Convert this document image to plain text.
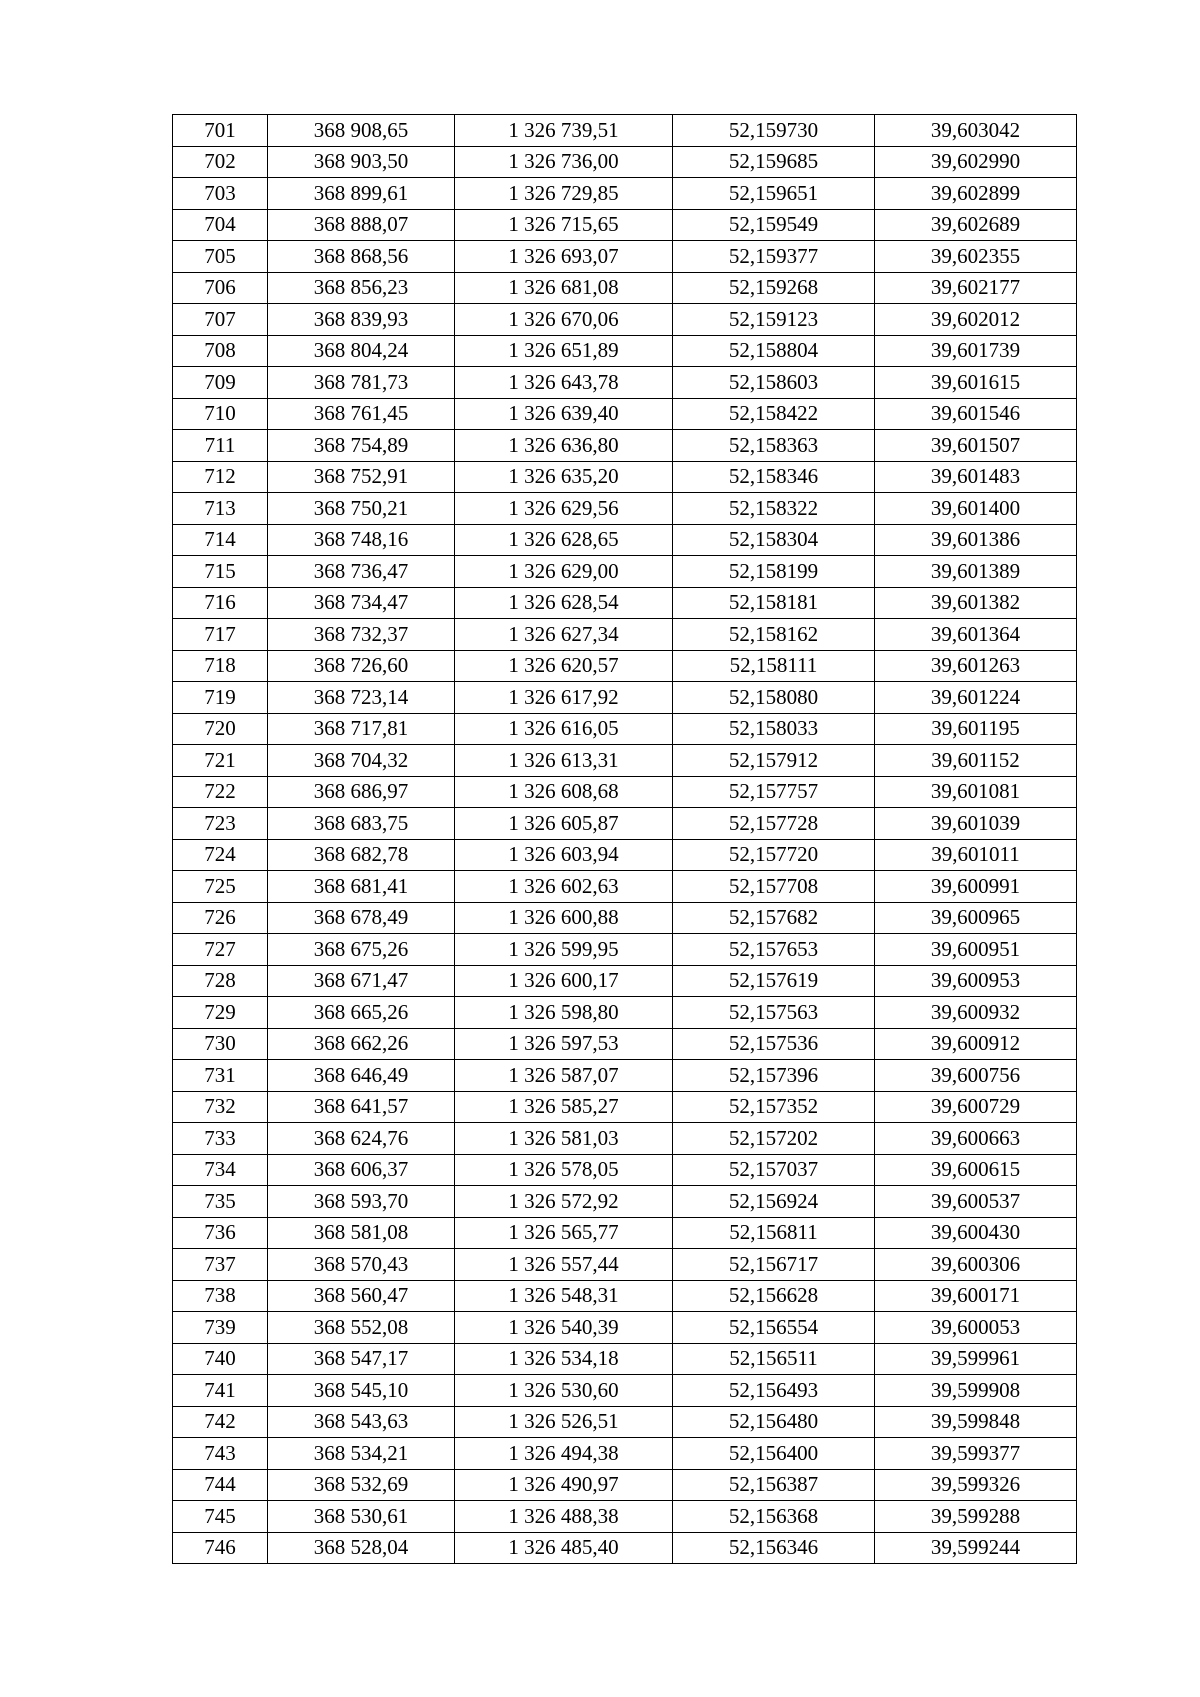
701	368 908,65	1 326 739,51	52,159730	39,603042
702	368 903,50	1 326 736,00	52,159685	39,602990
703	368 899,61	1 326 729,85	52,159651	39,602899
704	368 888,07	1 326 715,65	52,159549	39,602689
705	368 868,56	1 326 693,07	52,159377	39,602355
706	368 856,23	1 326 681,08	52,159268	39,602177
707	368 839,93	1 326 670,06	52,159123	39,602012
708	368 804,24	1 326 651,89	52,158804	39,601739
709	368 781,73	1 326 643,78	52,158603	39,601615
710	368 761,45	1 326 639,40	52,158422	39,601546
711	368 754,89	1 326 636,80	52,158363	39,601507
712	368 752,91	1 326 635,20	52,158346	39,601483
713	368 750,21	1 326 629,56	52,158322	39,601400
714	368 748,16	1 326 628,65	52,158304	39,601386
715	368 736,47	1 326 629,00	52,158199	39,601389
716	368 734,47	1 326 628,54	52,158181	39,601382
717	368 732,37	1 326 627,34	52,158162	39,601364
718	368 726,60	1 326 620,57	52,158111	39,601263
719	368 723,14	1 326 617,92	52,158080	39,601224
720	368 717,81	1 326 616,05	52,158033	39,601195
721	368 704,32	1 326 613,31	52,157912	39,601152
722	368 686,97	1 326 608,68	52,157757	39,601081
723	368 683,75	1 326 605,87	52,157728	39,601039
724	368 682,78	1 326 603,94	52,157720	39,601011
725	368 681,41	1 326 602,63	52,157708	39,600991
726	368 678,49	1 326 600,88	52,157682	39,600965
727	368 675,26	1 326 599,95	52,157653	39,600951
728	368 671,47	1 326 600,17	52,157619	39,600953
729	368 665,26	1 326 598,80	52,157563	39,600932
730	368 662,26	1 326 597,53	52,157536	39,600912
731	368 646,49	1 326 587,07	52,157396	39,600756
732	368 641,57	1 326 585,27	52,157352	39,600729
733	368 624,76	1 326 581,03	52,157202	39,600663
734	368 606,37	1 326 578,05	52,157037	39,600615
735	368 593,70	1 326 572,92	52,156924	39,600537
736	368 581,08	1 326 565,77	52,156811	39,600430
737	368 570,43	1 326 557,44	52,156717	39,600306
738	368 560,47	1 326 548,31	52,156628	39,600171
739	368 552,08	1 326 540,39	52,156554	39,600053
740	368 547,17	1 326 534,18	52,156511	39,599961
741	368 545,10	1 326 530,60	52,156493	39,599908
742	368 543,63	1 326 526,51	52,156480	39,599848
743	368 534,21	1 326 494,38	52,156400	39,599377
744	368 532,69	1 326 490,97	52,156387	39,599326
745	368 530,61	1 326 488,38	52,156368	39,599288
746	368 528,04	1 326 485,40	52,156346	39,599244
